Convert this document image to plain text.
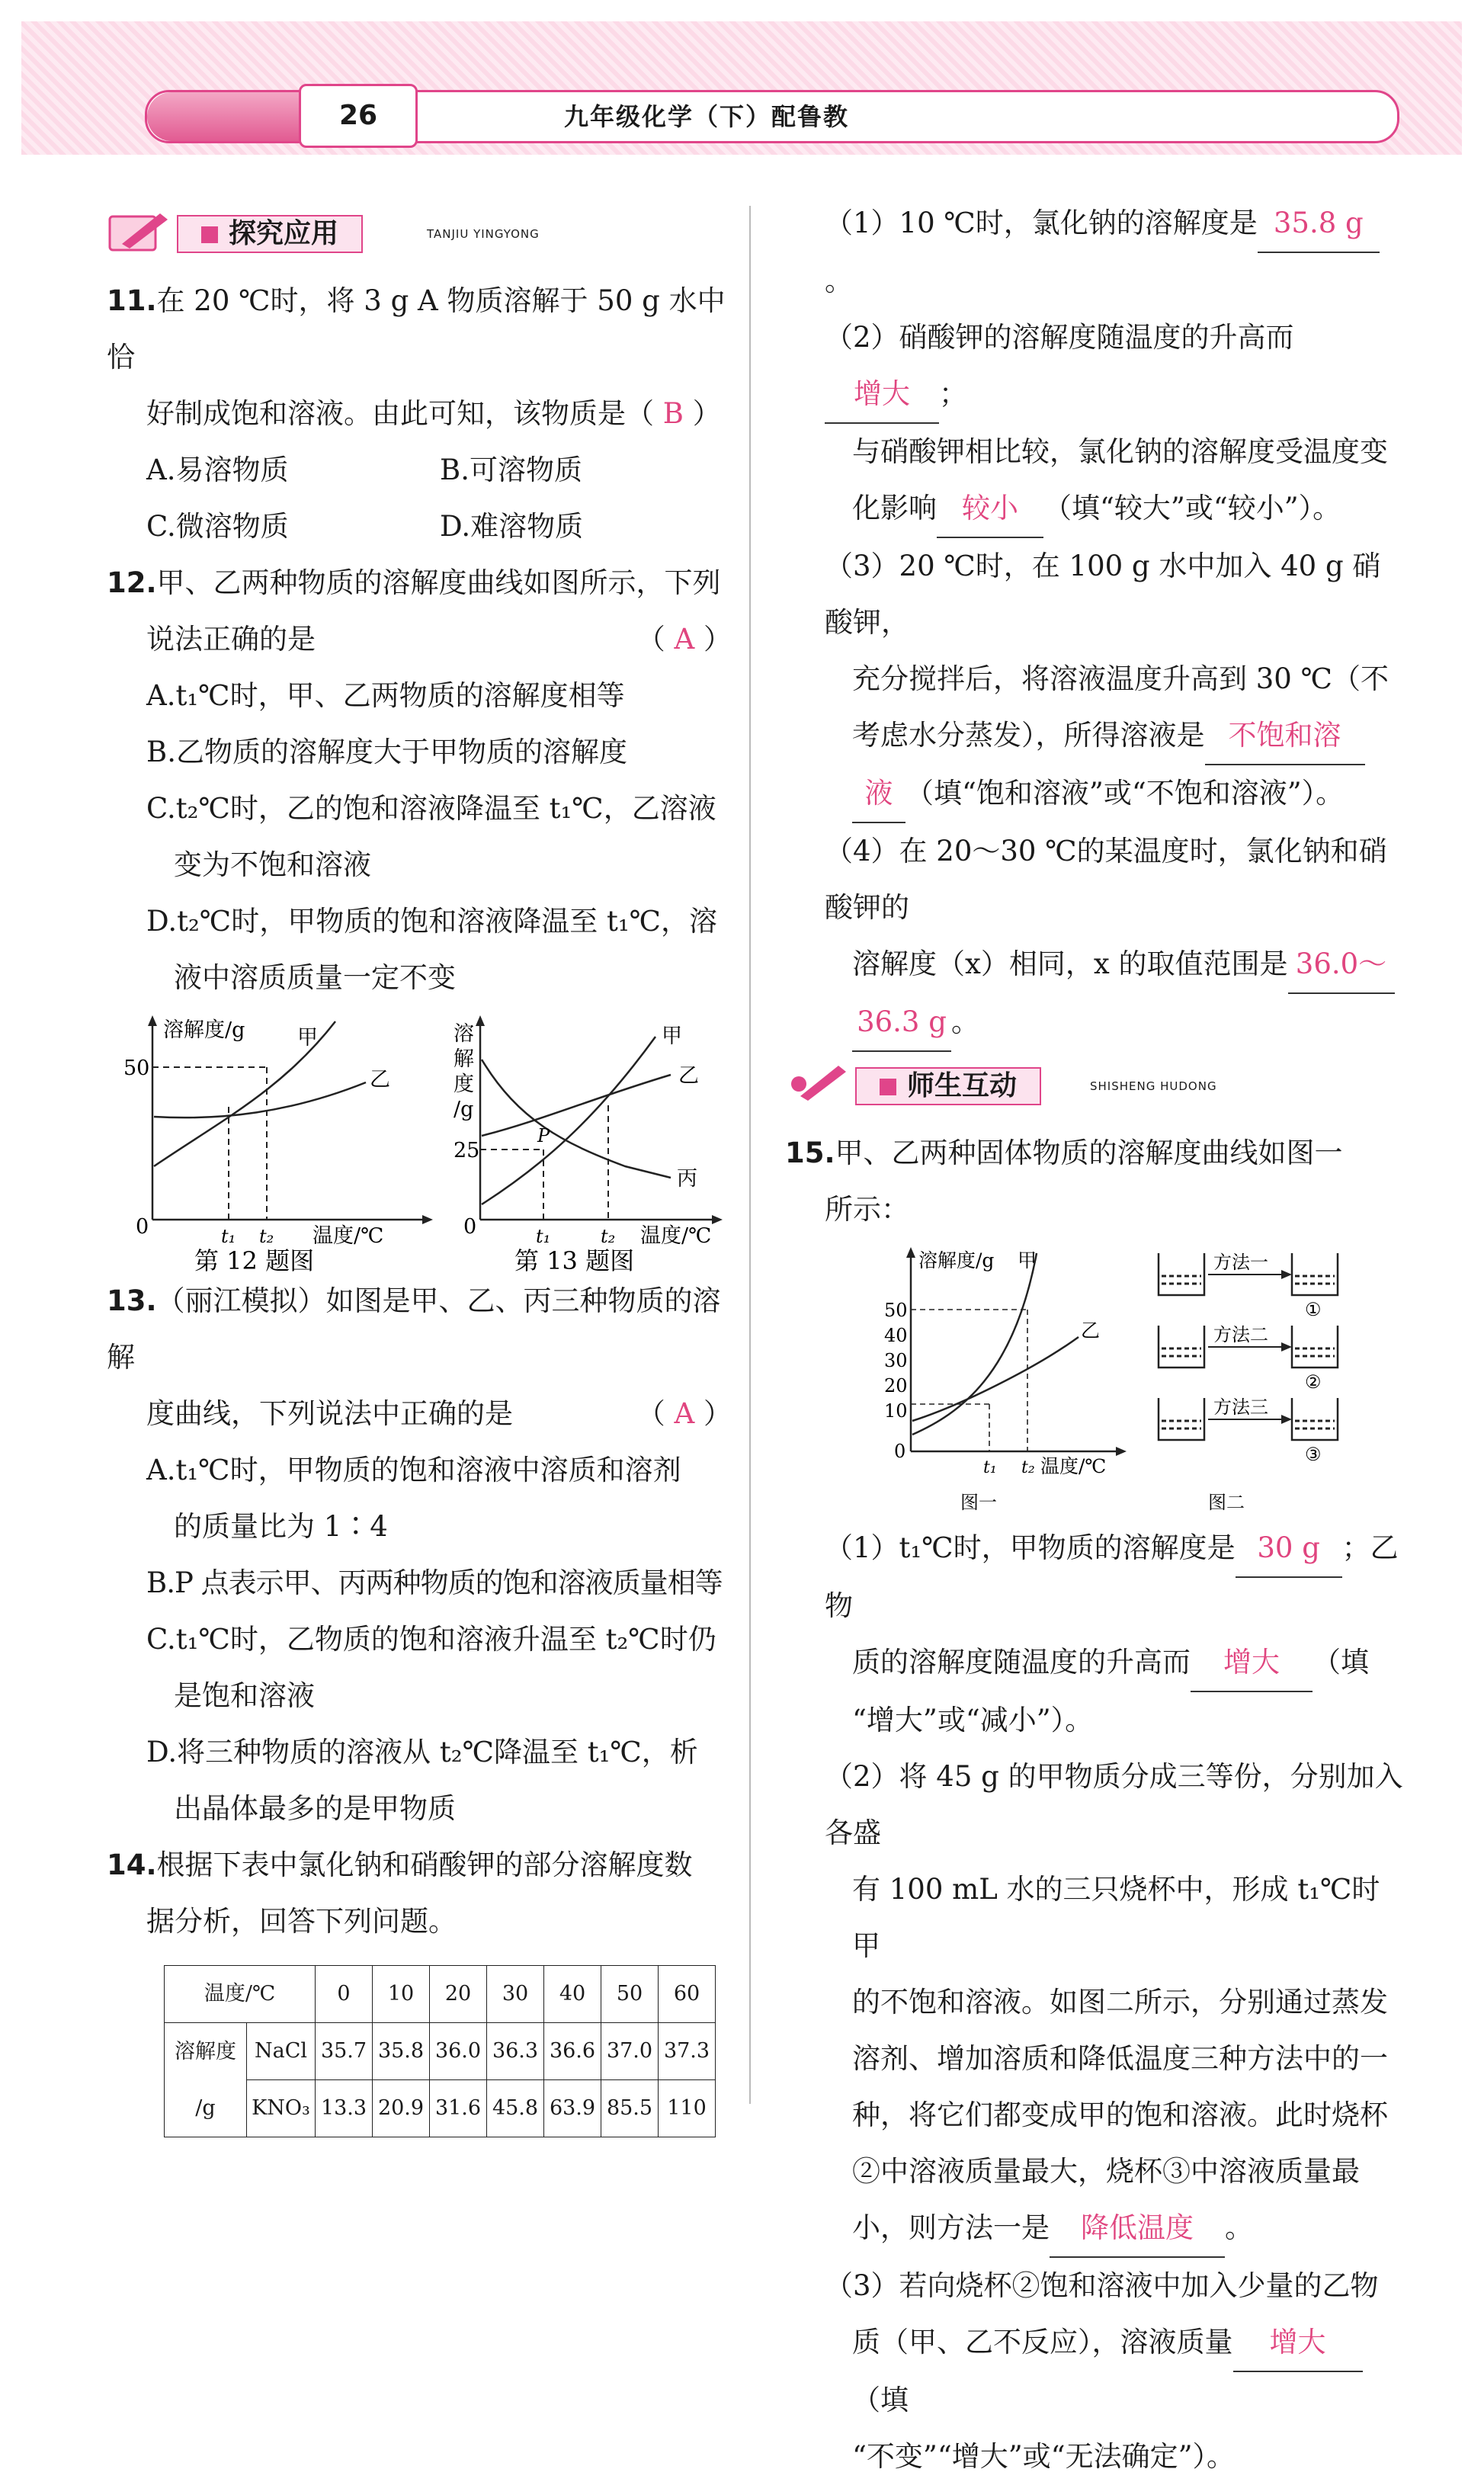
26	九年级化学（下）配鲁教
探究应用	TANJIU YINGYONG

11.在 20 ℃时，将 3 g A 物质溶解于 50 g 水中恰

好制成饱和溶液。由此可知，该物质是（ B ）

A.易溶物质	B.可溶物质

C.微溶物质	D.难溶物质

12.甲、乙两种物质的溶解度曲线如图所示，下列

说法正确的是	（ A ）

A.t₁℃时，甲、乙两物质的溶解度相等

B.乙物质的溶解度大于甲物质的溶解度

C.t₂℃时，乙的饱和溶液降温至 t₁℃，乙溶液

变为不饱和溶液

D.t₂℃时，甲物质的饱和溶液降温至 t₁℃，溶

液中溶质质量一定不变

溶解度/g
50
0	t₁ t₂ 温度/℃
甲
乙
第 12 题图
溶
解
度
/g
25
0
P
t₁	t₂ 温度/℃
甲
乙
丙
第 13 题图

13.（丽江模拟）如图是甲、乙、丙三种物质的溶解

度曲线，下列说法中正确的是	（ A ）

A.t₁℃时，甲物质的饱和溶液中溶质和溶剂

的质量比为 1∶4

B.P 点表示甲、丙两种物质的饱和溶液质量相等

C.t₁℃时，乙物质的饱和溶液升温至 t₂℃时仍

是饱和溶液

D.将三种物质的溶液从 t₂℃降温至 t₁℃，析

出晶体最多的是甲物质

14.根据下表中氯化钠和硝酸钾的部分溶解度数

据分析，回答下列问题。

温度/℃		0	10	20	30	40	50	60

溶解度
/g	NaCl	35.7	35.8	36.0	36.3	36.6	37.0	37.3
	KNO₃	13.3	20.9	31.6	45.8	63.9	85.5	110

（1）10 ℃时，氯化钠的溶解度是 35.8 g。

（2）硝酸钾的溶解度随温度的升高而增大 ；

与硝酸钾相比较，氯化钠的溶解度受温度变

化影响 较小 （填“较大”或“较小”）。

（3）20 ℃时，在 100 g 水中加入 40 g 硝酸钾，

充分搅拌后，将溶液温度升高到 30 ℃（不

考虑水分蒸发），所得溶液是 不饱和溶

液 （填“饱和溶液”或“不饱和溶液”）。

（4）在 20～30 ℃的某温度时，氯化钠和硝酸钾的

溶解度（x）相同，x 的取值范围是 36.0～

36.3 g 。

师生互动	SHISHENG HUDONG

15.甲、乙两种固体物质的溶解度曲线如图一

所示：

溶解度/g 甲
乙
50
40
30
20
10
0
t₁ t₂ 温度/℃
图一
方法一
①
方法二
②
方法三
③
图二

（1）t₁℃时，甲物质的溶解度是 30 g ；乙物

质的溶解度随温度的升高而 增大 （填

“增大”或“减小”）。

（2）将 45 g 的甲物质分成三等份，分别加入各盛

有 100 mL 水的三只烧杯中，形成 t₁℃时甲

的不饱和溶液。如图二所示，分别通过蒸发

溶剂、增加溶质和降低温度三种方法中的一

种，将它们都变成甲的饱和溶液。此时烧杯

②中溶液质量最大，烧杯③中溶液质量最

小，则方法一是 降低温度 。

（3）若向烧杯②饱和溶液中加入少量的乙物

质（甲、乙不反应），溶液质量 增大（填

“不变”“增大”或“无法确定”）。
